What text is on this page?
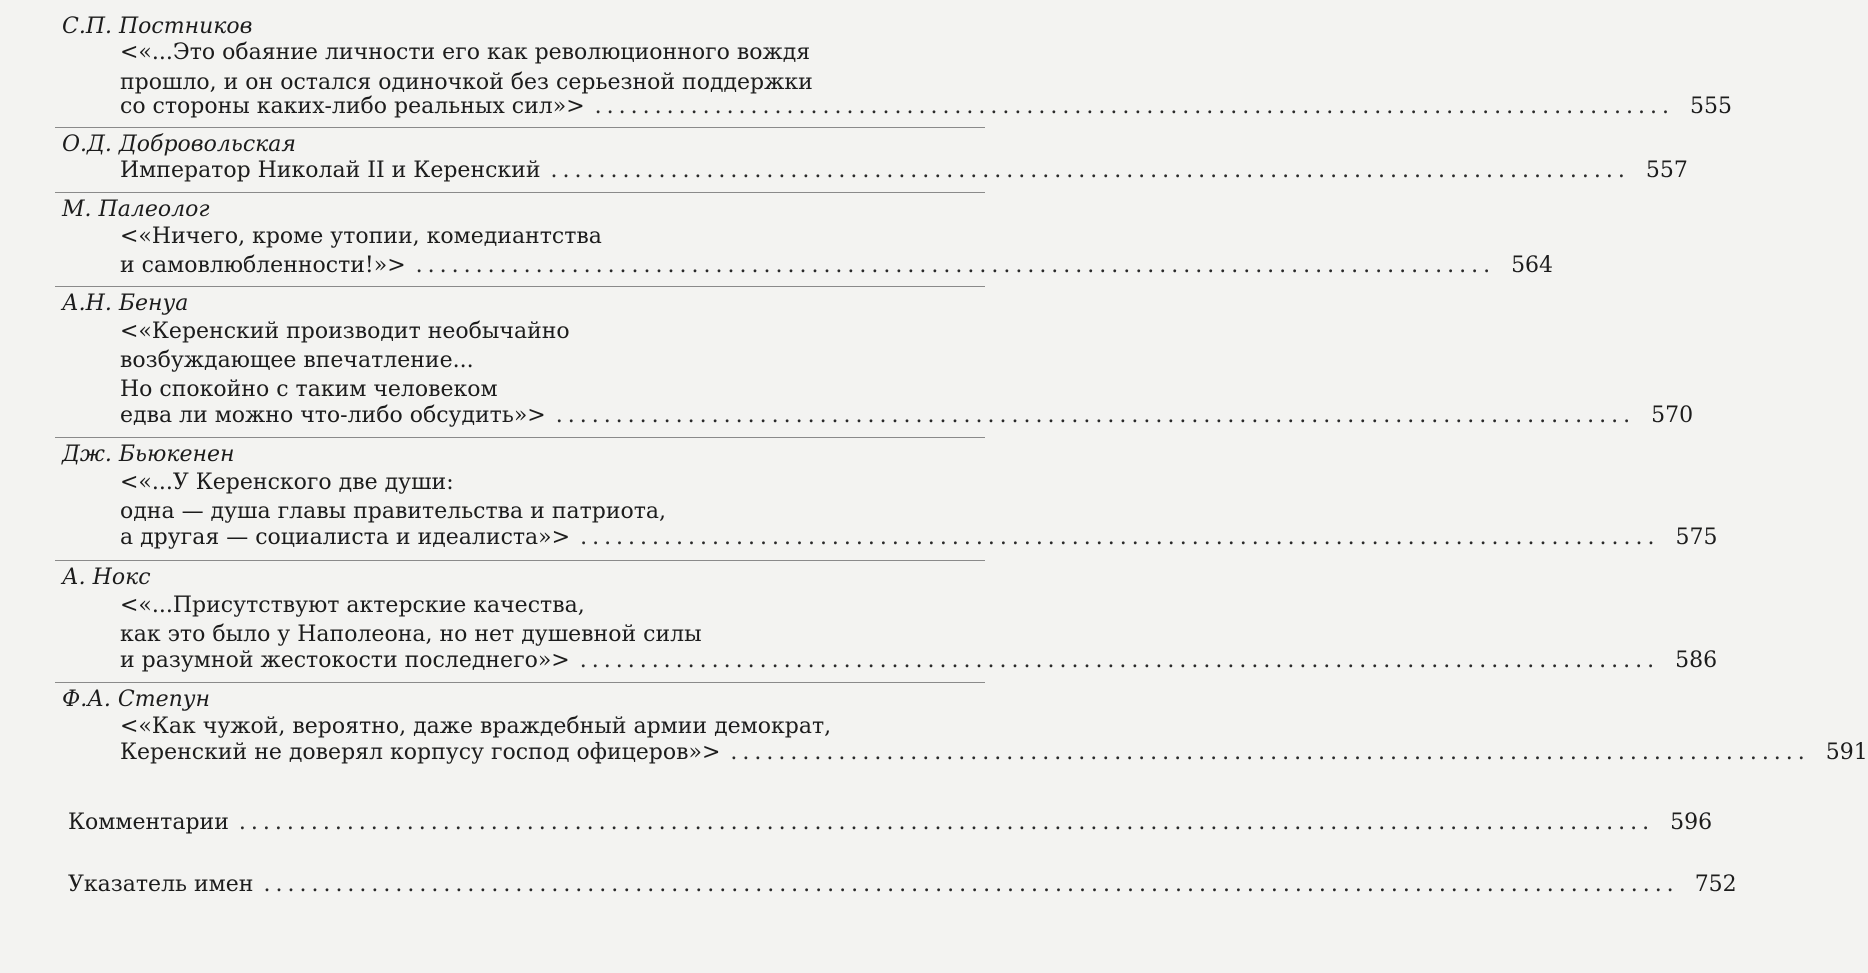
С.П. Постников
<«...Это обаяние личности его как революционного вождя
прошло, и он остался одиночкой без серьезной поддержки
со стороны каких-либо реальных сил»> .......................................................................................... 555
О.Д. Добровольская
Император Николай II и Керенский .......................................................................................... 557
М. Палеолог
<«Ничего, кроме утопии, комедиантства
и самовлюбленности!»> .......................................................................................... 564
А.Н. Бенуа
<«Керенский производит необычайно
возбуждающее впечатление...
Но спокойно с таким человеком
едва ли можно что-либо обсудить»> .......................................................................................... 570
Дж. Бьюкенен
<«...У Керенского две души:
одна — душа главы правительства и патриота,
а другая — социалиста и идеалиста»> .......................................................................................... 575
А. Нокс
<«...Присутствуют актерские качества,
как это было у Наполеона, но нет душевной силы
и разумной жестокости последнего»> .......................................................................................... 586
Ф.А. Степун
<«Как чужой, вероятно, даже враждебный армии демократ,
Керенский не доверял корпусу господ офицеров»> .......................................................................................... 591
Комментарии ...................................................................................................................... 596
Указатель имен ...................................................................................................................... 752
